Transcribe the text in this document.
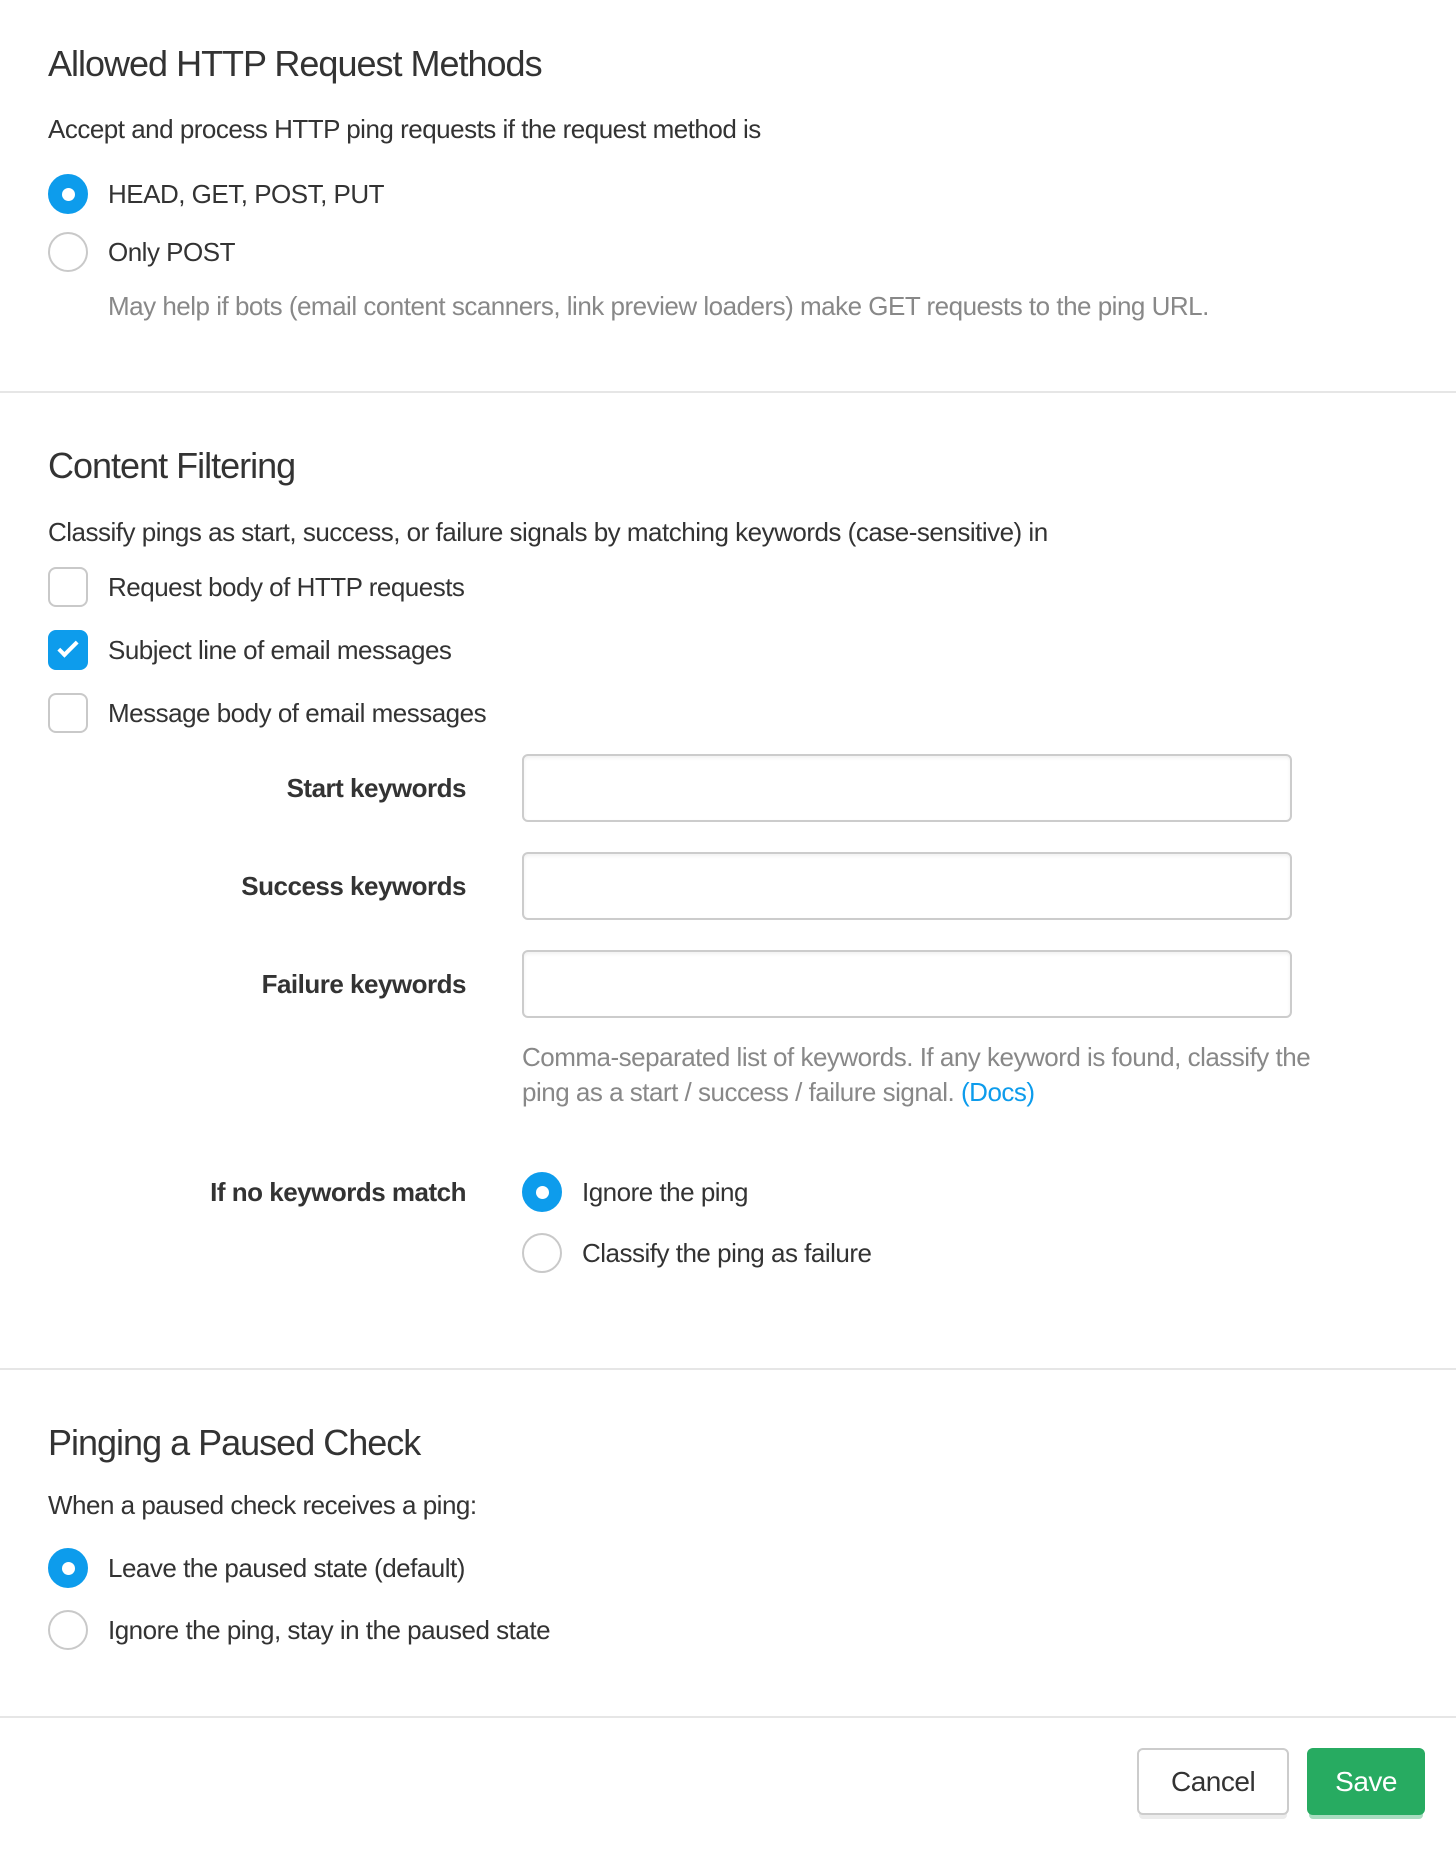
Allowed HTTP Request Methods
Accept and process HTTP ping requests if the request method is
HEAD, GET, POST, PUT
Only POST
May help if bots (email content scanners, link preview loaders) make GET requests to the ping URL.
Content Filtering
Classify pings as start, success, or failure signals by matching keywords (case-sensitive) in
Request body of HTTP requests
Subject line of email messages
Message body of email messages
Start keywords
Success keywords
Failure keywords
Comma-separated list of keywords. If any keyword is found, classify the ping as a start / success / failure signal. (Docs)
If no keywords match	Ignore the ping
Classify the ping as failure
Pinging a Paused Check
When a paused check receives a ping:
Leave the paused state (default)
Ignore the ping, stay in the paused state
Cancel	Save
